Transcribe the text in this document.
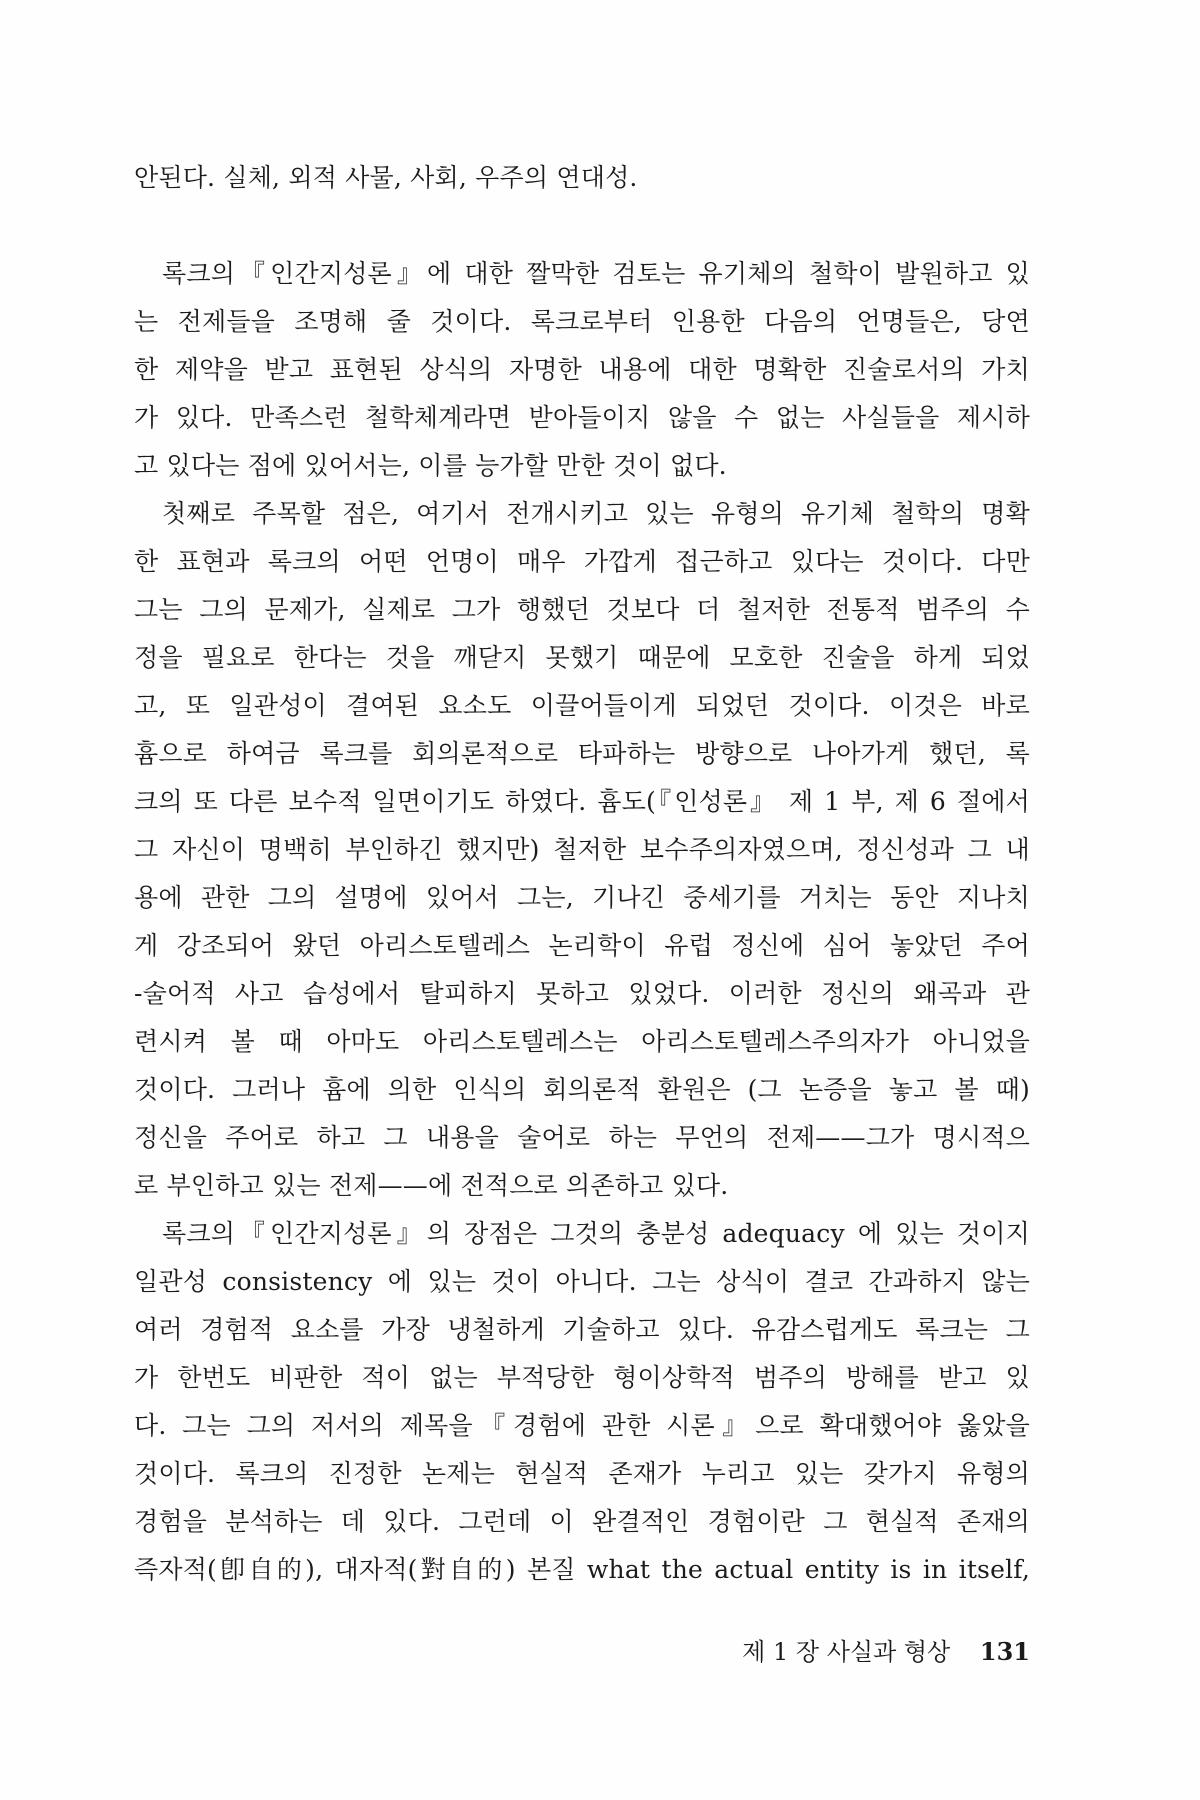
안된다. 실체, 외적 사물, 사회, 우주의 연대성.
록크의『인간지성론』에 대한 짤막한 검토는 유기체의 철학이 발원하고 있
는 전제들을 조명해 줄 것이다. 록크로부터 인용한 다음의 언명들은, 당연
한 제약을 받고 표현된 상식의 자명한 내용에 대한 명확한 진술로서의 가치
가 있다. 만족스런 철학체계라면 받아들이지 않을 수 없는 사실들을 제시하
고 있다는 점에 있어서는, 이를 능가할 만한 것이 없다.
첫째로 주목할 점은, 여기서 전개시키고 있는 유형의 유기체 철학의 명확
한 표현과 록크의 어떤 언명이 매우 가깝게 접근하고 있다는 것이다. 다만
그는 그의 문제가, 실제로 그가 행했던 것보다 더 철저한 전통적 범주의 수
정을 필요로 한다는 것을 깨닫지 못했기 때문에 모호한 진술을 하게 되었
고, 또 일관성이 결여된 요소도 이끌어들이게 되었던 것이다. 이것은 바로
흄으로 하여금 록크를 회의론적으로 타파하는 방향으로 나아가게 했던, 록
크의 또 다른 보수적 일면이기도 하였다. 흄도(『인성론』 제 1 부, 제 6 절에서
그 자신이 명백히 부인하긴 했지만) 철저한 보수주의자였으며, 정신성과 그 내
용에 관한 그의 설명에 있어서 그는, 기나긴 중세기를 거치는 동안 지나치
게 강조되어 왔던 아리스토텔레스 논리학이 유럽 정신에 심어 놓았던 주어
-술어적 사고 습성에서 탈피하지 못하고 있었다. 이러한 정신의 왜곡과 관
련시켜 볼 때 아마도 아리스토텔레스는 아리스토텔레스주의자가 아니었을
것이다. 그러나 흄에 의한 인식의 회의론적 환원은 (그 논증을 놓고 볼 때)
정신을 주어로 하고 그 내용을 술어로 하는 무언의 전제——그가 명시적으
로 부인하고 있는 전제——에 전적으로 의존하고 있다.
록크의『인간지성론』의 장점은 그것의 충분성 adequacy 에 있는 것이지
일관성 consistency 에 있는 것이 아니다. 그는 상식이 결코 간과하지 않는
여러 경험적 요소를 가장 냉철하게 기술하고 있다. 유감스럽게도 록크는 그
가 한번도 비판한 적이 없는 부적당한 형이상학적 범주의 방해를 받고 있
다. 그는 그의 저서의 제목을『경험에 관한 시론』으로 확대했어야 옳았을
것이다. 록크의 진정한 논제는 현실적 존재가 누리고 있는 갖가지 유형의
경험을 분석하는 데 있다. 그런데 이 완결적인 경험이란 그 현실적 존재의
즉자적(卽自的), 대자적(對自的) 본질 what the actual entity is in itself,
제 1 장 사실과 형상 131
